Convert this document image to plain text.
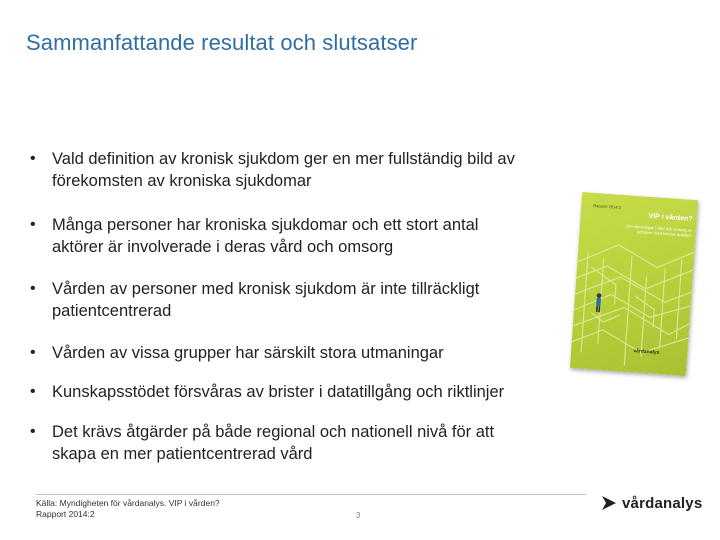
Sammanfattande resultat och slutsatser
• Vald definition av kronisk sjukdom ger en mer fullständig bild av
förekomsten av kroniska sjukdomar
• Många personer har kroniska sjukdomar och ett stort antal
aktörer är involverade i deras vård och omsorg
• Vården av personer med kronisk sjukdom är inte tillräckligt
patientcentrerad
• Vården av vissa grupper har särskilt stora utmaningar
• Kunskapsstödet försvåras av brister i datatillgång och riktlinjer
• Det krävs åtgärder på både regional och nationell nivå för att
skapa en mer patientcentrerad vård
Rapport 2014:2
VIP i vården?
...Om utmaningar i vård och omsorg av personer med kronisk sjukdom
vårdanalys
Källa: Myndigheten för vårdanalys. VIP i vården?
Rapport 2014:2	3
vårdanalys
